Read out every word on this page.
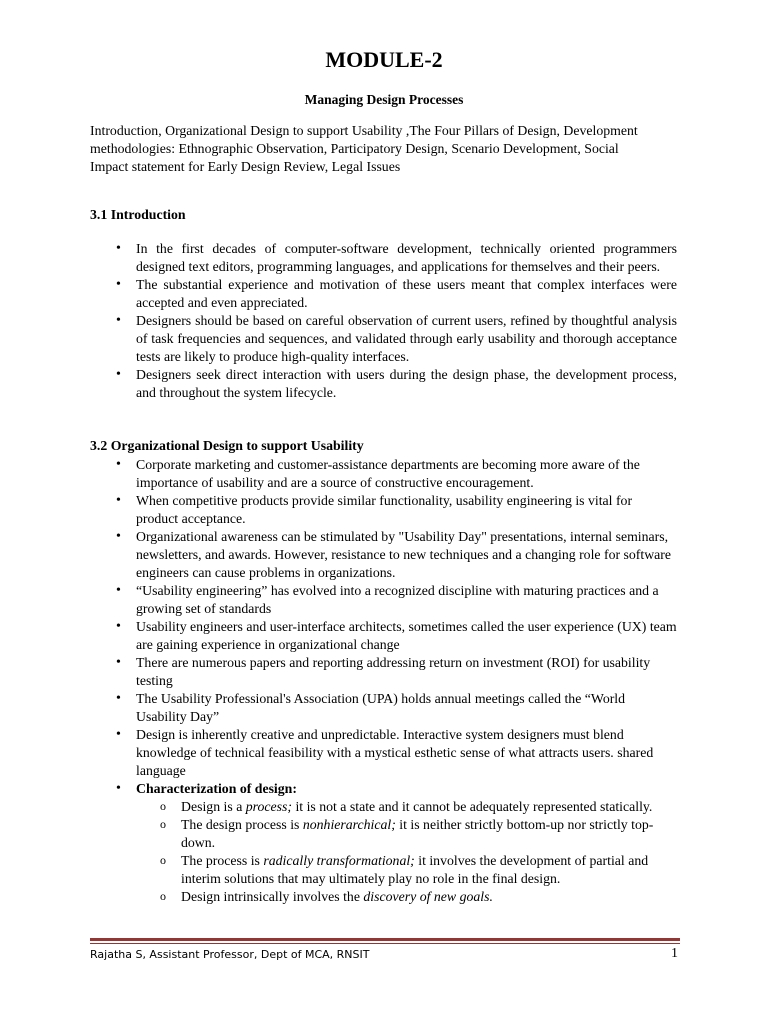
MODULE-2
Managing Design Processes
Introduction, Organizational Design to support Usability ,The Four Pillars of Design, Development
methodologies: Ethnographic Observation, Participatory Design, Scenario Development, Social
Impact statement for Early Design Review, Legal Issues
3.1 Introduction
• In the first decades of computer-software development, technically oriented programmers designed text editors, programming languages, and applications for themselves and their peers.
• The substantial experience and motivation of these users meant that complex interfaces were accepted and even appreciated.
• Designers should be based on careful observation of current users, refined by thoughtful analysis of task frequencies and sequences, and validated through early usability and thorough acceptance tests are likely to produce high-quality interfaces.
• Designers seek direct interaction with users during the design phase, the development process, and throughout the system lifecycle.
3.2 Organizational Design to support Usability
• Corporate marketing and customer-assistance departments are becoming more aware of the importance of usability and are a source of constructive encouragement.
• When competitive products provide similar functionality, usability engineering is vital for product acceptance.
• Organizational awareness can be stimulated by "Usability Day" presentations, internal seminars, newsletters, and awards. However, resistance to new techniques and a changing role for software engineers can cause problems in organizations.
• “Usability engineering” has evolved into a recognized discipline with maturing practices and a growing set of standards
• Usability engineers and user-interface architects, sometimes called the user experience (UX) team are gaining experience in organizational change
• There are numerous papers and reporting addressing return on investment (ROI) for usability testing
• The Usability Professional's Association (UPA) holds annual meetings called the “World Usability Day”
• Design is inherently creative and unpredictable. Interactive system designers must blend knowledge of technical feasibility with a mystical esthetic sense of what attracts users. shared language
• Characterization of design:
o Design is a process; it is not a state and it cannot be adequately represented statically.
o The design process is nonhierarchical; it is neither strictly bottom-up nor strictly top-down.
o The process is radically transformational; it involves the development of partial and interim solutions that may ultimately play no role in the final design.
o Design intrinsically involves the discovery of new goals.
Rajatha S, Assistant Professor, Dept of MCA, RNSIT	1
